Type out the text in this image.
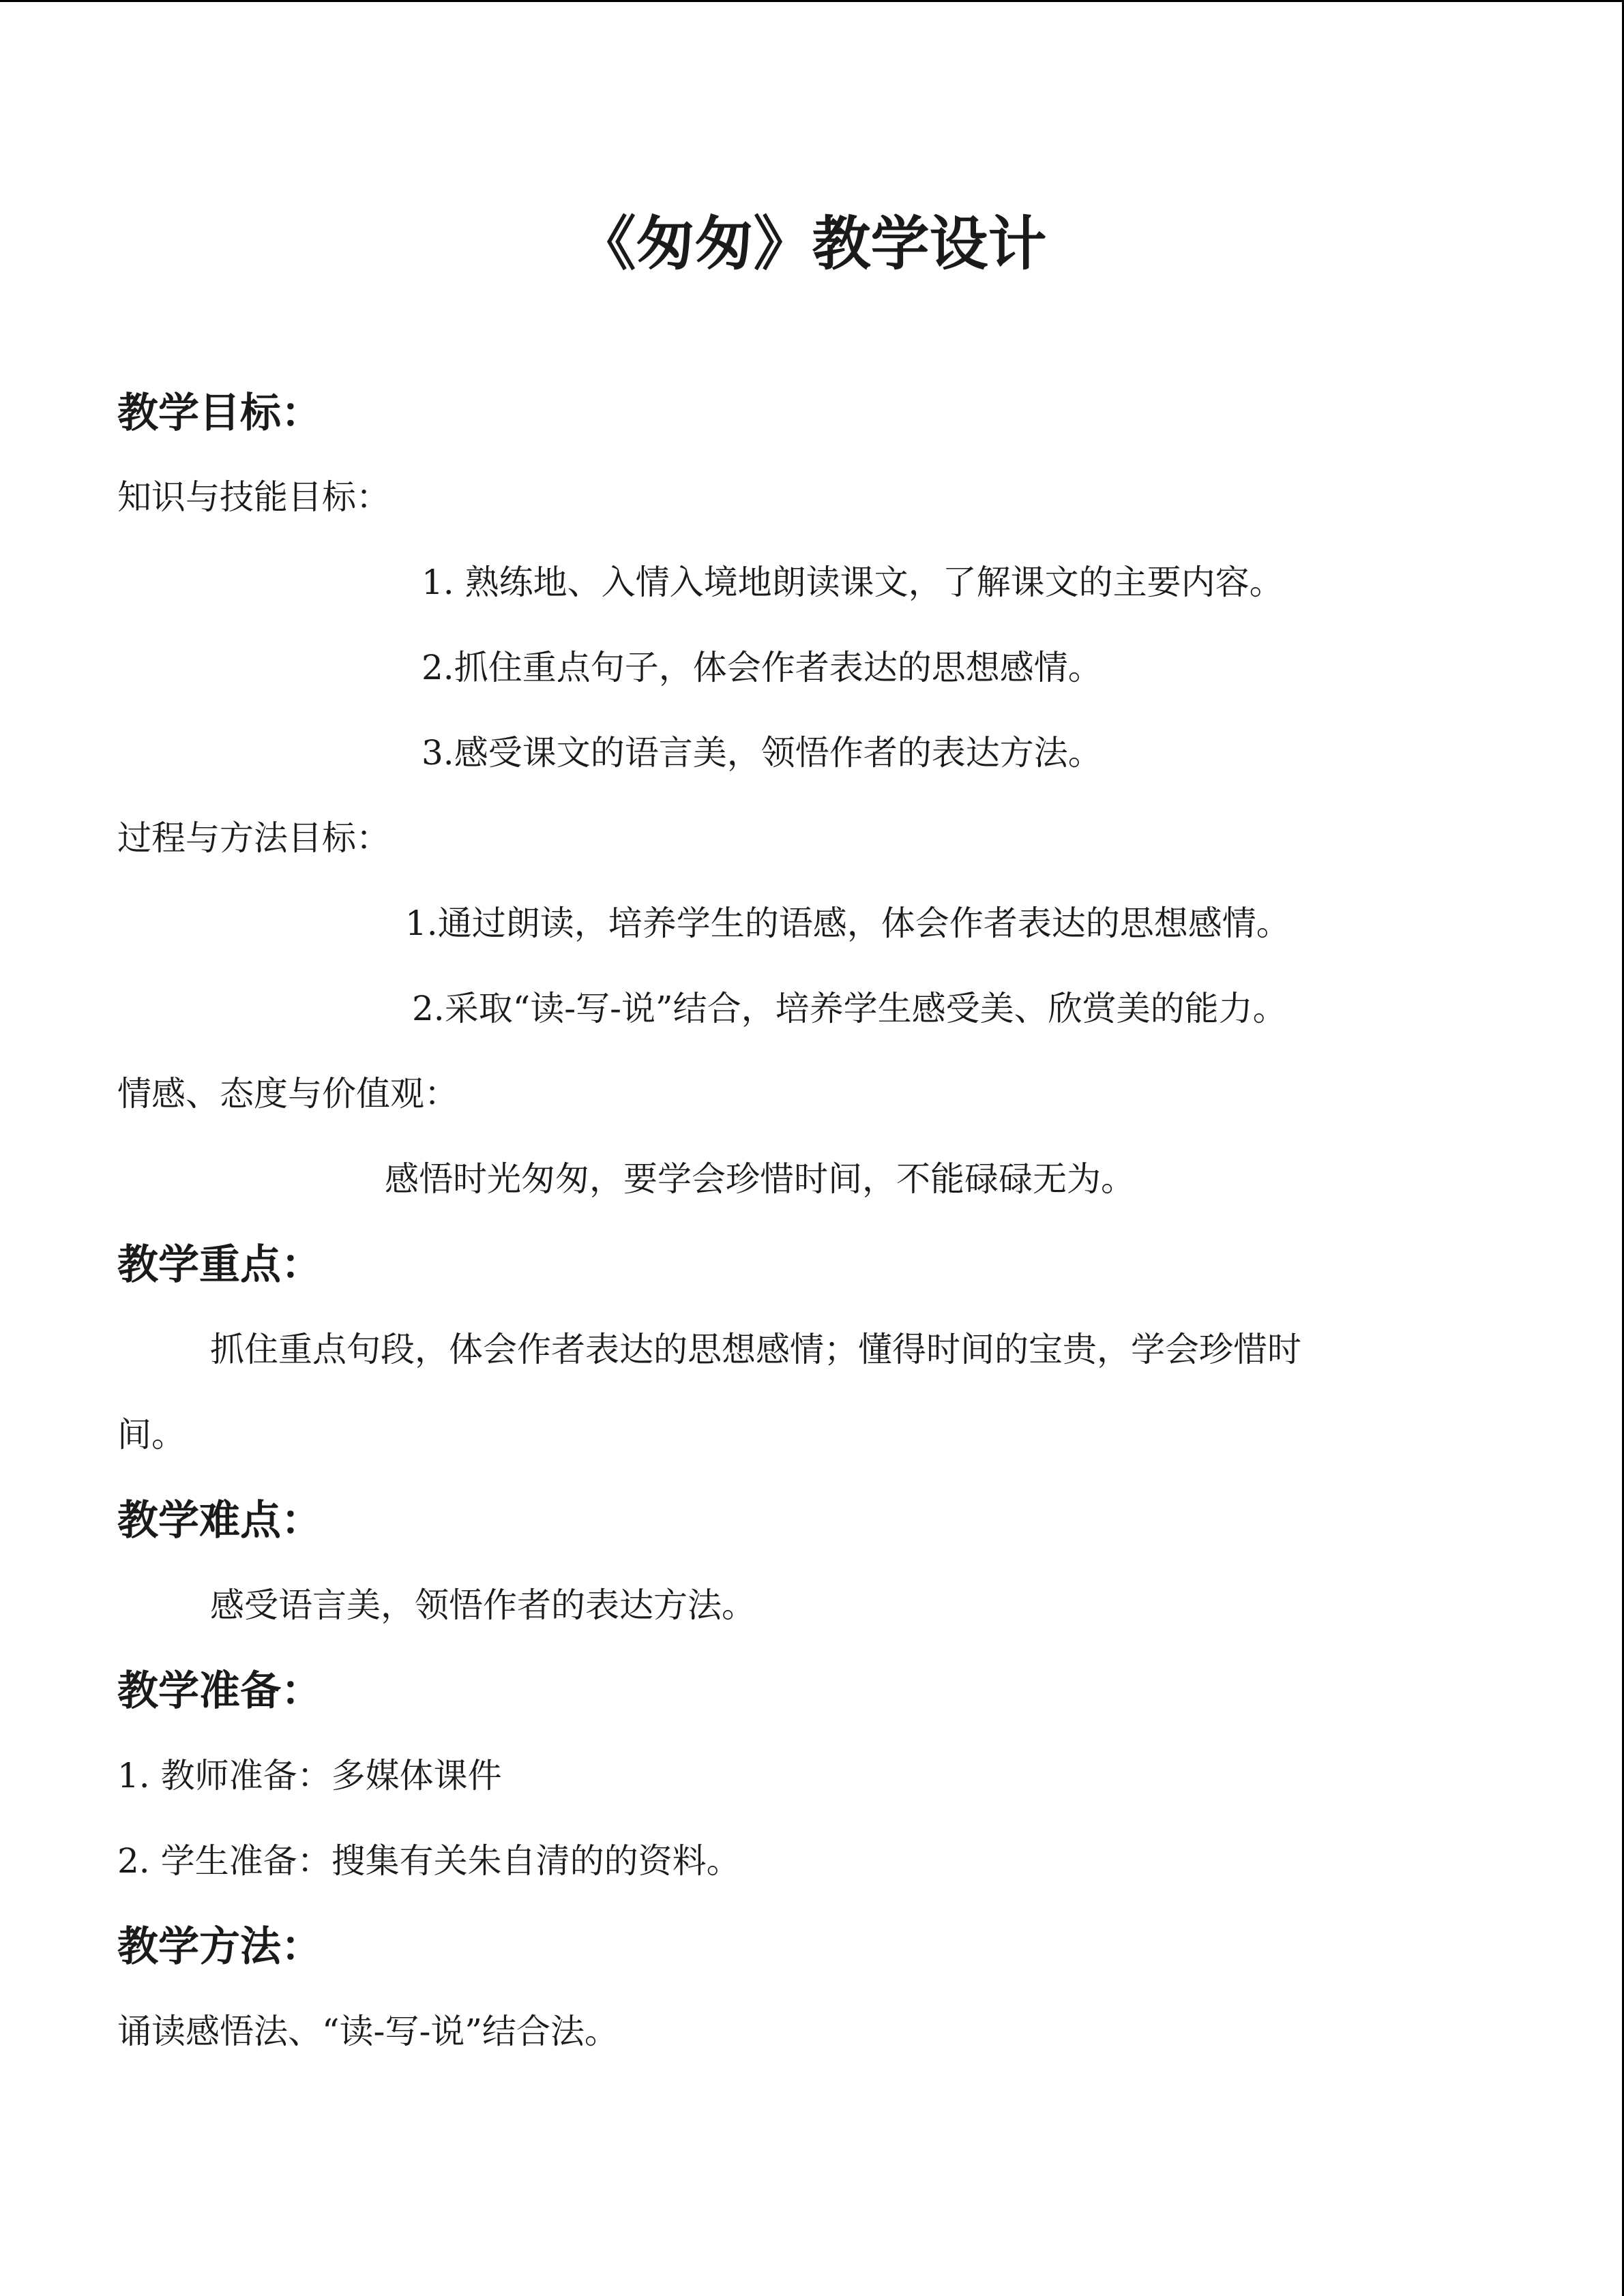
《匆匆》教学设计
教学目标：

知识与技能目标：

1. 熟练地、入情入境地朗读课文，了解课文的主要内容。

2.抓住重点句子，体会作者表达的思想感情。

3.感受课文的语言美，领悟作者的表达方法。

过程与方法目标：

1.通过朗读，培养学生的语感，体会作者表达的思想感情。

2.采取“读-写-说”结合，培养学生感受美、欣赏美的能力。

情感、态度与价值观：

感悟时光匆匆，要学会珍惜时间，不能碌碌无为。

教学重点：

抓住重点句段，体会作者表达的思想感情；懂得时间的宝贵，学会珍惜时

间。

教学难点：

感受语言美，领悟作者的表达方法。

教学准备：

1. 教师准备：多媒体课件

2. 学生准备：搜集有关朱自清的的资料。

教学方法：

诵读感悟法、“读-写-说”结合法。
